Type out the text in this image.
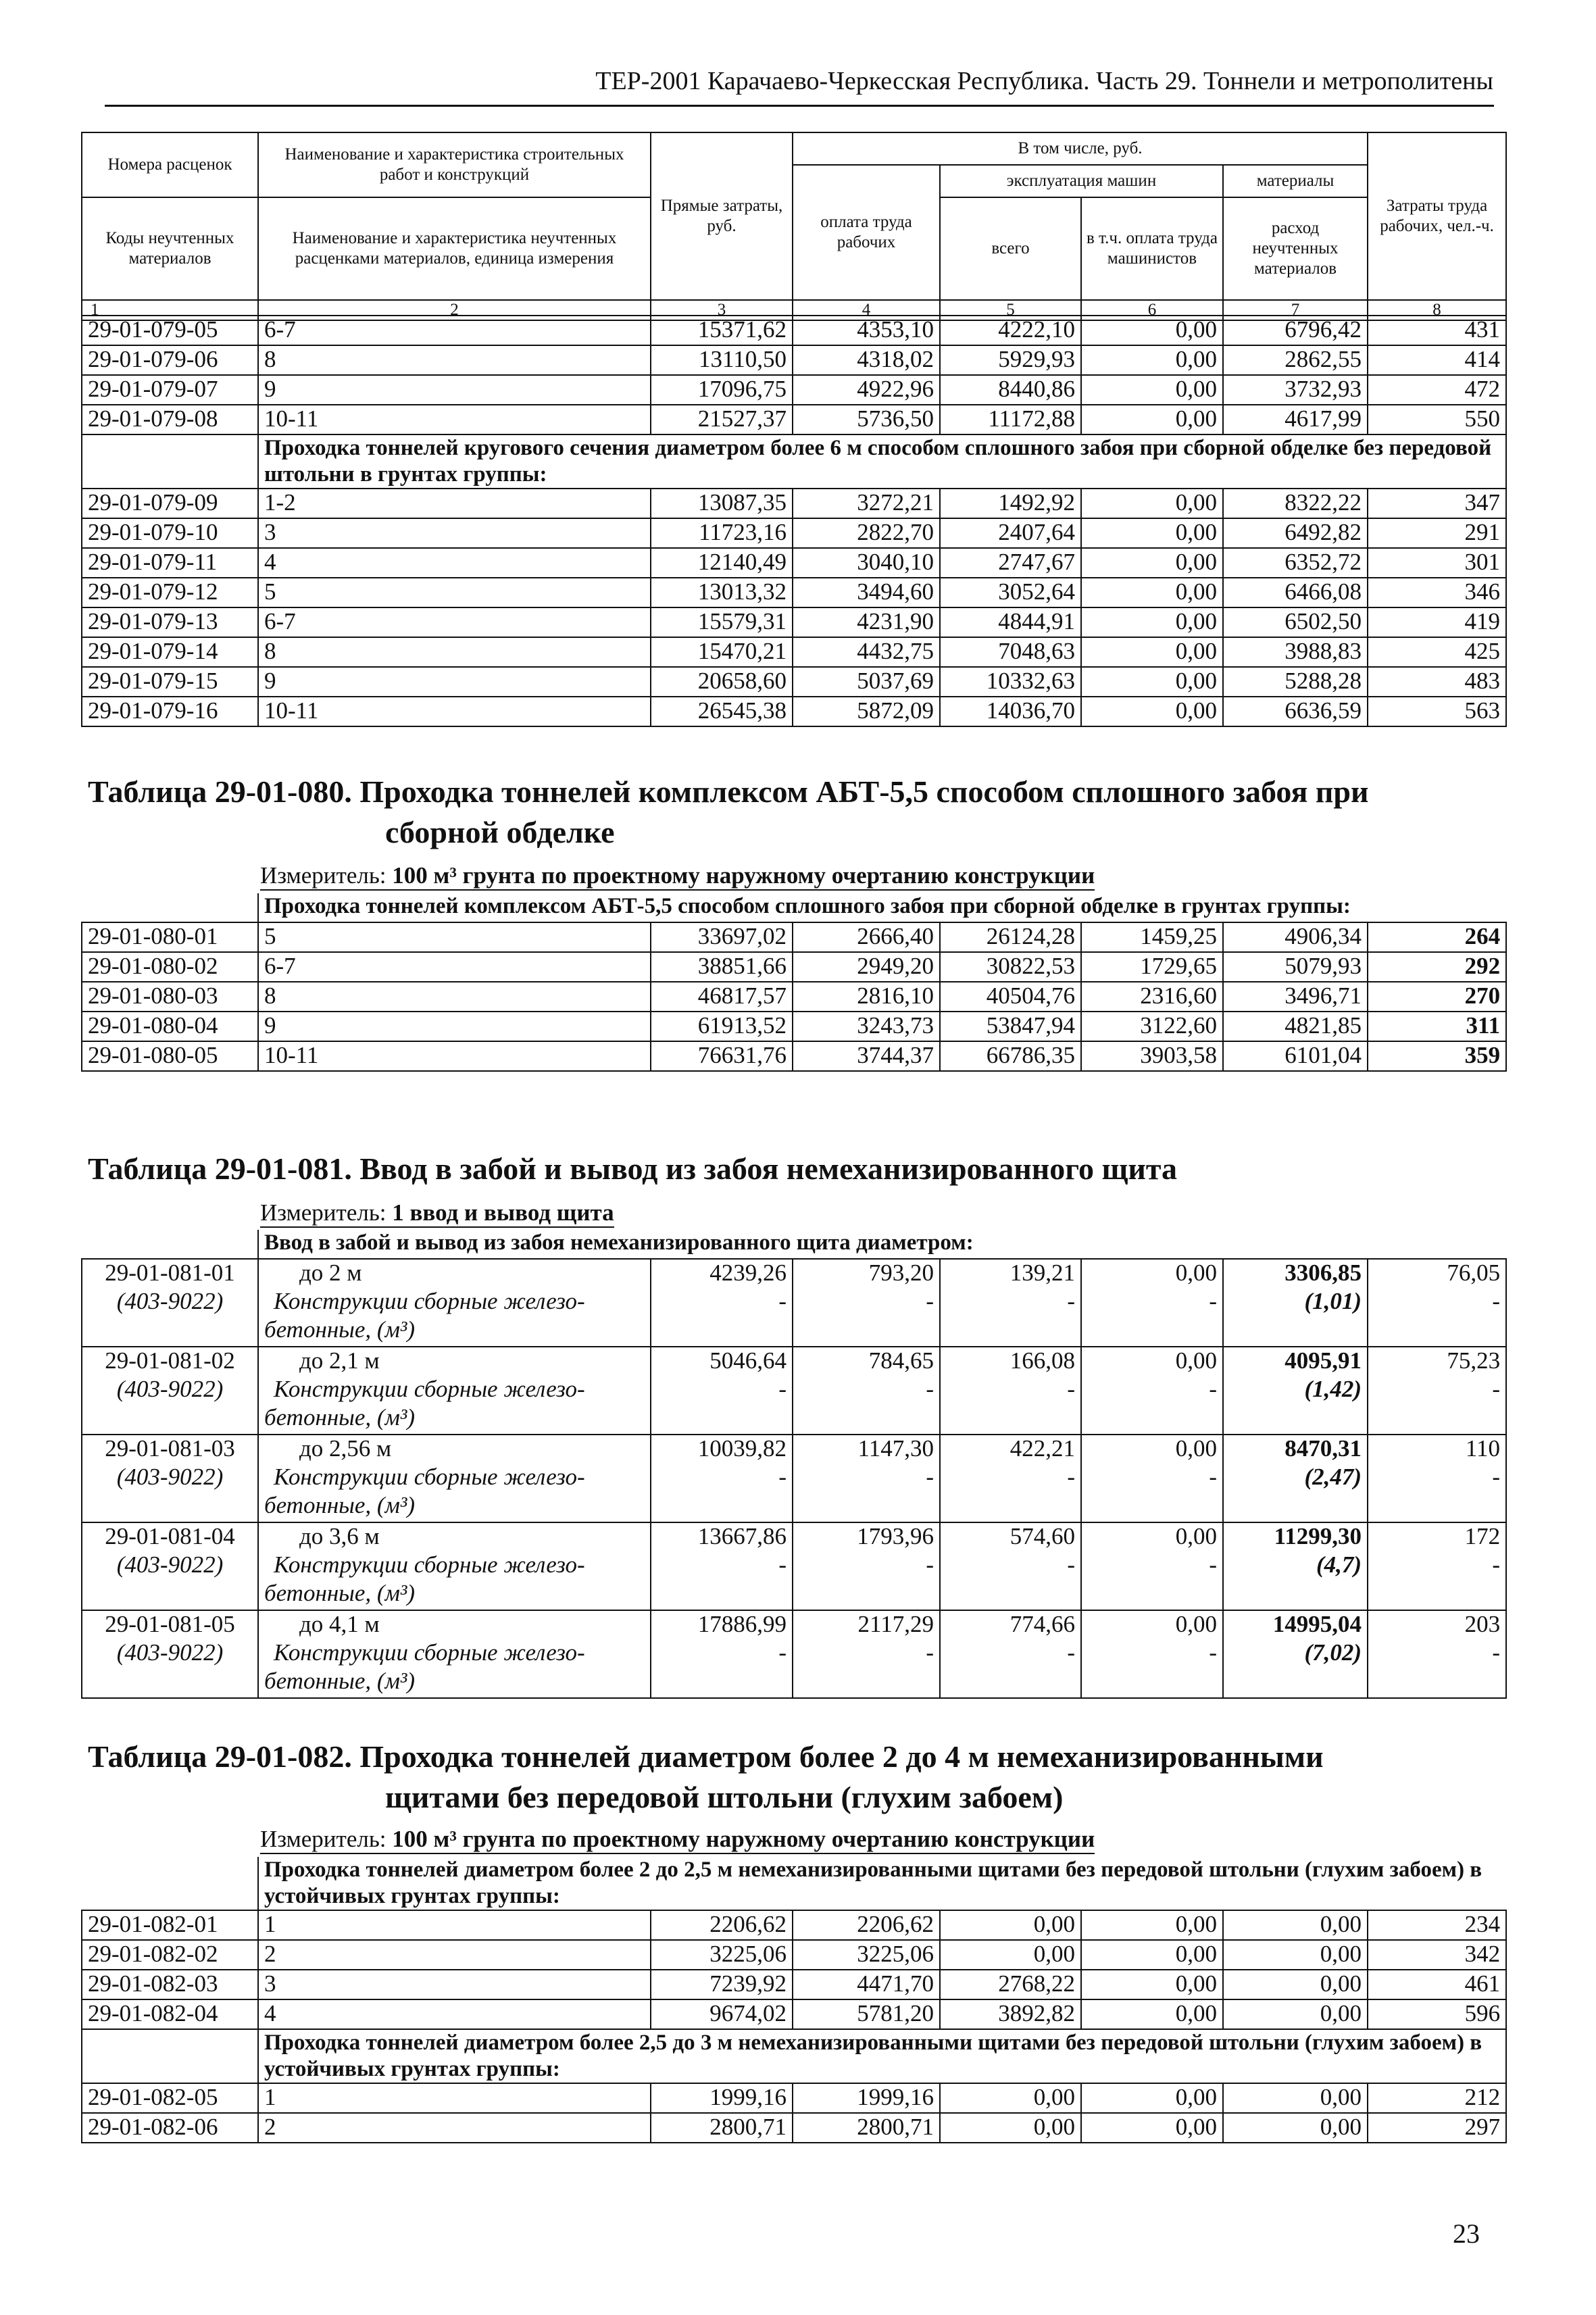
ТЕР-2001 Карачаево-Черкесская Республика. Часть 29. Тоннели и метрополитены
Номера расценок	Наименование и характеристика строительных работ и конструкций	Прямые затраты, руб.	В том числе, руб.				Затраты труда рабочих, чел.-ч.
			оплата труда рабочих	эксплуатация машин		материалы	
Коды неучтенных материалов	Наименование и характеристика неучтенных расценками материалов, единица измерения			всего	в т.ч. оплата труда машинистов	расход неучтенных материалов	

1	2	3	4	5	6	7	8
29-01-079-05	6-7	15371,62	4353,10	4222,10	0,00	6796,42	431
29-01-079-06	8	13110,50	4318,02	5929,93	0,00	2862,55	414
29-01-079-07	9	17096,75	4922,96	8440,86	0,00	3732,93	472
29-01-079-08	10-11	21527,37	5736,50	11172,88	0,00	4617,99	550
	Проходка тоннелей кругового сечения диаметром более 6 м способом сплошного забоя при сборной обделке без передовой штольни в грунтах группы:						
29-01-079-09	1-2	13087,35	3272,21	1492,92	0,00	8322,22	347
29-01-079-10	3	11723,16	2822,70	2407,64	0,00	6492,82	291
29-01-079-11	4	12140,49	3040,10	2747,67	0,00	6352,72	301
29-01-079-12	5	13013,32	3494,60	3052,64	0,00	6466,08	346
29-01-079-13	6-7	15579,31	4231,90	4844,91	0,00	6502,50	419
29-01-079-14	8	15470,21	4432,75	7048,63	0,00	3988,83	425
29-01-079-15	9	20658,60	5037,69	10332,63	0,00	5288,28	483
29-01-079-16	10-11	26545,38	5872,09	14036,70	0,00	6636,59	563
Таблица 29-01-080. Проходка тоннелей комплексом АБТ-5,5 способом сплошного забоя при
сборной обделке
Измеритель: 100 м³ грунта по проектному наружному очертанию конструкции
	Проходка тоннелей комплексом АБТ-5,5 способом сплошного забоя при сборной обделке в грунтах группы:						
29-01-080-01	5	33697,02	2666,40	26124,28	1459,25	4906,34	264
29-01-080-02	6-7	38851,66	2949,20	30822,53	1729,65	5079,93	292
29-01-080-03	8	46817,57	2816,10	40504,76	2316,60	3496,71	270
29-01-080-04	9	61913,52	3243,73	53847,94	3122,60	4821,85	311
29-01-080-05	10-11	76631,76	3744,37	66786,35	3903,58	6101,04	359
Таблица 29-01-081. Ввод в забой и вывод из забоя немеханизированного щита
Измеритель: 1 ввод и вывод щита
	Ввод в забой и вывод из забоя немеханизированного щита диаметром:						
29-01-081-01	до 2 м	4239,26	793,20	139,21	0,00	3306,85	76,05
(403-9022)	Конструкции сборные железо-	-	-	-	-	(1,01)	-
	бетонные, (м³)						
29-01-081-02	до 2,1 м	5046,64	784,65	166,08	0,00	4095,91	75,23
(403-9022)	Конструкции сборные железо-	-	-	-	-	(1,42)	-
	бетонные, (м³)						
29-01-081-03	до 2,56 м	10039,82	1147,30	422,21	0,00	8470,31	110
(403-9022)	Конструкции сборные железо-	-	-	-	-	(2,47)	-
	бетонные, (м³)						
29-01-081-04	до 3,6 м	13667,86	1793,96	574,60	0,00	11299,30	172
(403-9022)	Конструкции сборные железо-	-	-	-	-	(4,7)	-
	бетонные, (м³)						
29-01-081-05	до 4,1 м	17886,99	2117,29	774,66	0,00	14995,04	203
(403-9022)	Конструкции сборные железо-	-	-	-	-	(7,02)	-
	бетонные, (м³)						
Таблица 29-01-082. Проходка тоннелей диаметром более 2 до 4 м немеханизированными
щитами без передовой штольни (глухим забоем)
Измеритель: 100 м³ грунта по проектному наружному очертанию конструкции
	Проходка тоннелей диаметром более 2 до 2,5 м немеханизированными щитами без передовой штольни (глухим забоем) в устойчивых грунтах группы:						
29-01-082-01	1	2206,62	2206,62	0,00	0,00	0,00	234
29-01-082-02	2	3225,06	3225,06	0,00	0,00	0,00	342
29-01-082-03	3	7239,92	4471,70	2768,22	0,00	0,00	461
29-01-082-04	4	9674,02	5781,20	3892,82	0,00	0,00	596
	Проходка тоннелей диаметром более 2,5 до 3 м немеханизированными щитами без передовой штольни (глухим забоем) в устойчивых грунтах группы:						
29-01-082-05	1	1999,16	1999,16	0,00	0,00	0,00	212
29-01-082-06	2	2800,71	2800,71	0,00	0,00	0,00	297
23
